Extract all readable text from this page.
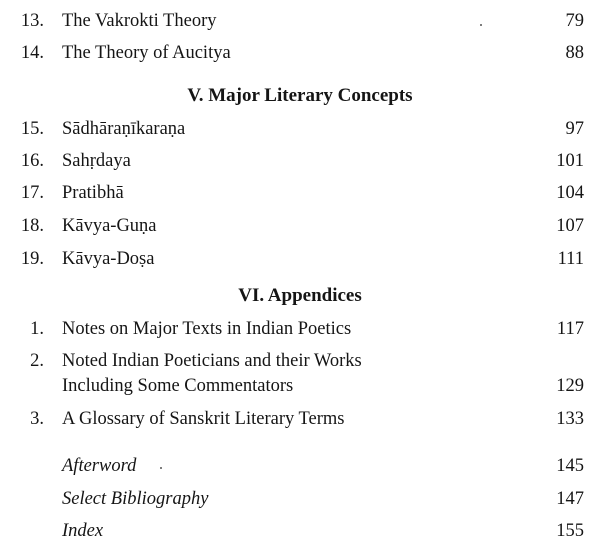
13. The Vakrokti Theory	79
14. The Theory of Aucitya	88
V. Major Literary Concepts
15. Sādhāraṇīkaraṇa	97
16. Sahṛdaya	101
17. Pratibhā	104
18. Kāvya-Guṇa	107
19. Kāvya-Doṣa	111
VI. Appendices
1. Notes on Major Texts in Indian Poetics	117
2. Noted Indian Poeticians and their Works
Including Some Commentators	129
3. A Glossary of Sanskrit Literary Terms	133
Afterword	145
Select Bibliography	147
Index	155
